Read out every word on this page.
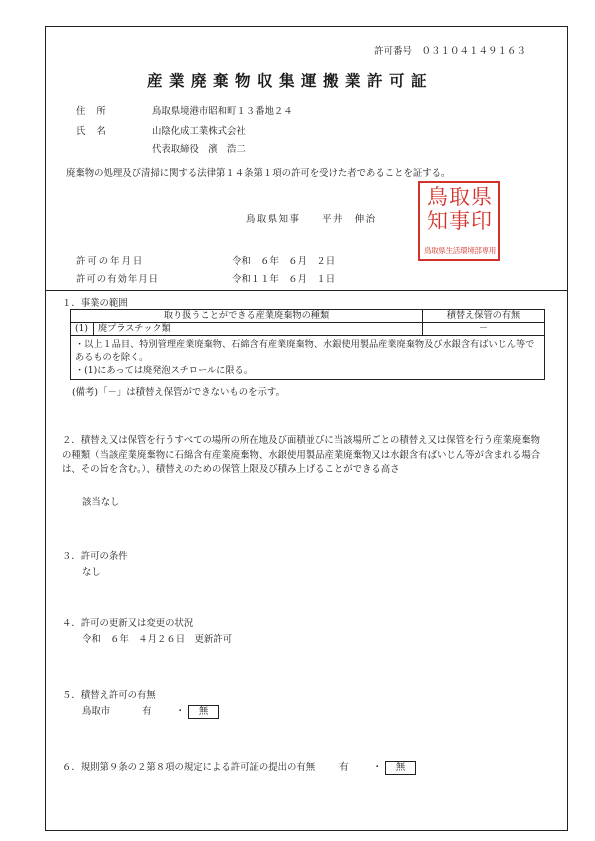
許可番号　０３１０４１４９１６３
産業廃棄物収集運搬業許可証
住所	鳥取県境港市昭和町１３番地２４
氏名	山陰化成工業株式会社
代表取締役　濱　浩二
廃棄物の処理及び清掃に関する法律第１４条第１項の許可を受けた者であることを証する。
鳥取県知事　　平井　伸治
鳥取県
知事印
鳥取県生活環境部専用
許可の年月日	令和　６年　６月　２日
許可の有効年月日	令和１１年　６月　１日
１．事業の範囲
取り扱うことができる産業廃棄物の種類		積替え保管の有無
(1)	廃プラスチック類	－

・以上１品目、特別管理産業廃棄物、石綿含有産業廃棄物、水銀使用製品産業廃棄物及び水銀含有ばいじん等であるものを除く。
・(1)にあっては廃発泡スチロールに限る。		
(備考)「－」は積替え保管ができないものを示す。
２．積替え又は保管を行うすべての場所の所在地及び面積並びに当該場所ごとの積替え又は保管を行う産業廃棄物の種類（当該産業廃棄物に石綿含有産業廃棄物、水銀使用製品産業廃棄物又は水銀含有ばいじん等が含まれる場合は、その旨を含む。）、積替えのための保管上限及び積み上げることができる高さ
該当なし
３．許可の条件
なし
４．許可の更新又は変更の状況
令和　６年　４月２６日　更新許可
５．積替え許可の有無
鳥取市	有	・ 無
６．規則第９条の２第８項の規定による許可証の提出の有無	有	・ 無
